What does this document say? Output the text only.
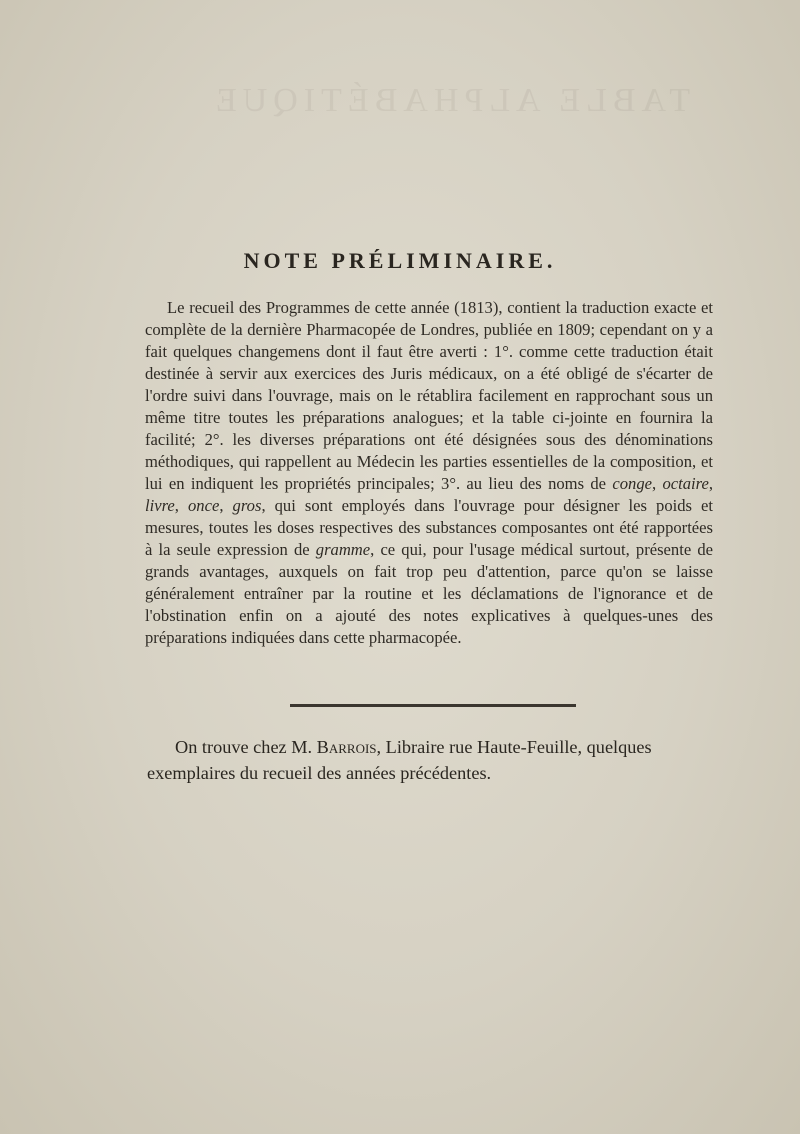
TABLE ALPHABÉTIQUE
NOTE PRÉLIMINAIRE.

Le recueil des Programmes de cette année (1813), contient la traduction exacte et complète de la dernière Pharmacopée de Londres, publiée en 1809; cependant on y a fait quelques changemens dont il faut être averti : 1°. comme cette traduction était destinée à servir aux exercices des Juris médicaux, on a été obligé de s'écarter de l'ordre suivi dans l'ouvrage, mais on le rétablira facilement en rapprochant sous un même titre toutes les préparations analogues; et la table ci-jointe en fournira la facilité; 2°. les diverses préparations ont été désignées sous des dénominations méthodiques, qui rappellent au Médecin les parties essentielles de la composition, et lui en indiquent les propriétés principales; 3°. au lieu des noms de conge, octaire, livre, once, gros, qui sont employés dans l'ouvrage pour désigner les poids et mesures, toutes les doses respectives des substances composantes ont été rapportées à la seule expression de gramme, ce qui, pour l'usage médical surtout, présente de grands avantages, auxquels on fait trop peu d'attention, parce qu'on se laisse généralement entraîner par la routine et les déclamations de l'ignorance et de l'obstination enfin on a ajouté des notes explicatives à quelques-unes des préparations indiquées dans cette pharmacopée.

On trouve chez M. Barrois, Libraire rue Haute-Feuille, quelques exemplaires du recueil des années précédentes.
